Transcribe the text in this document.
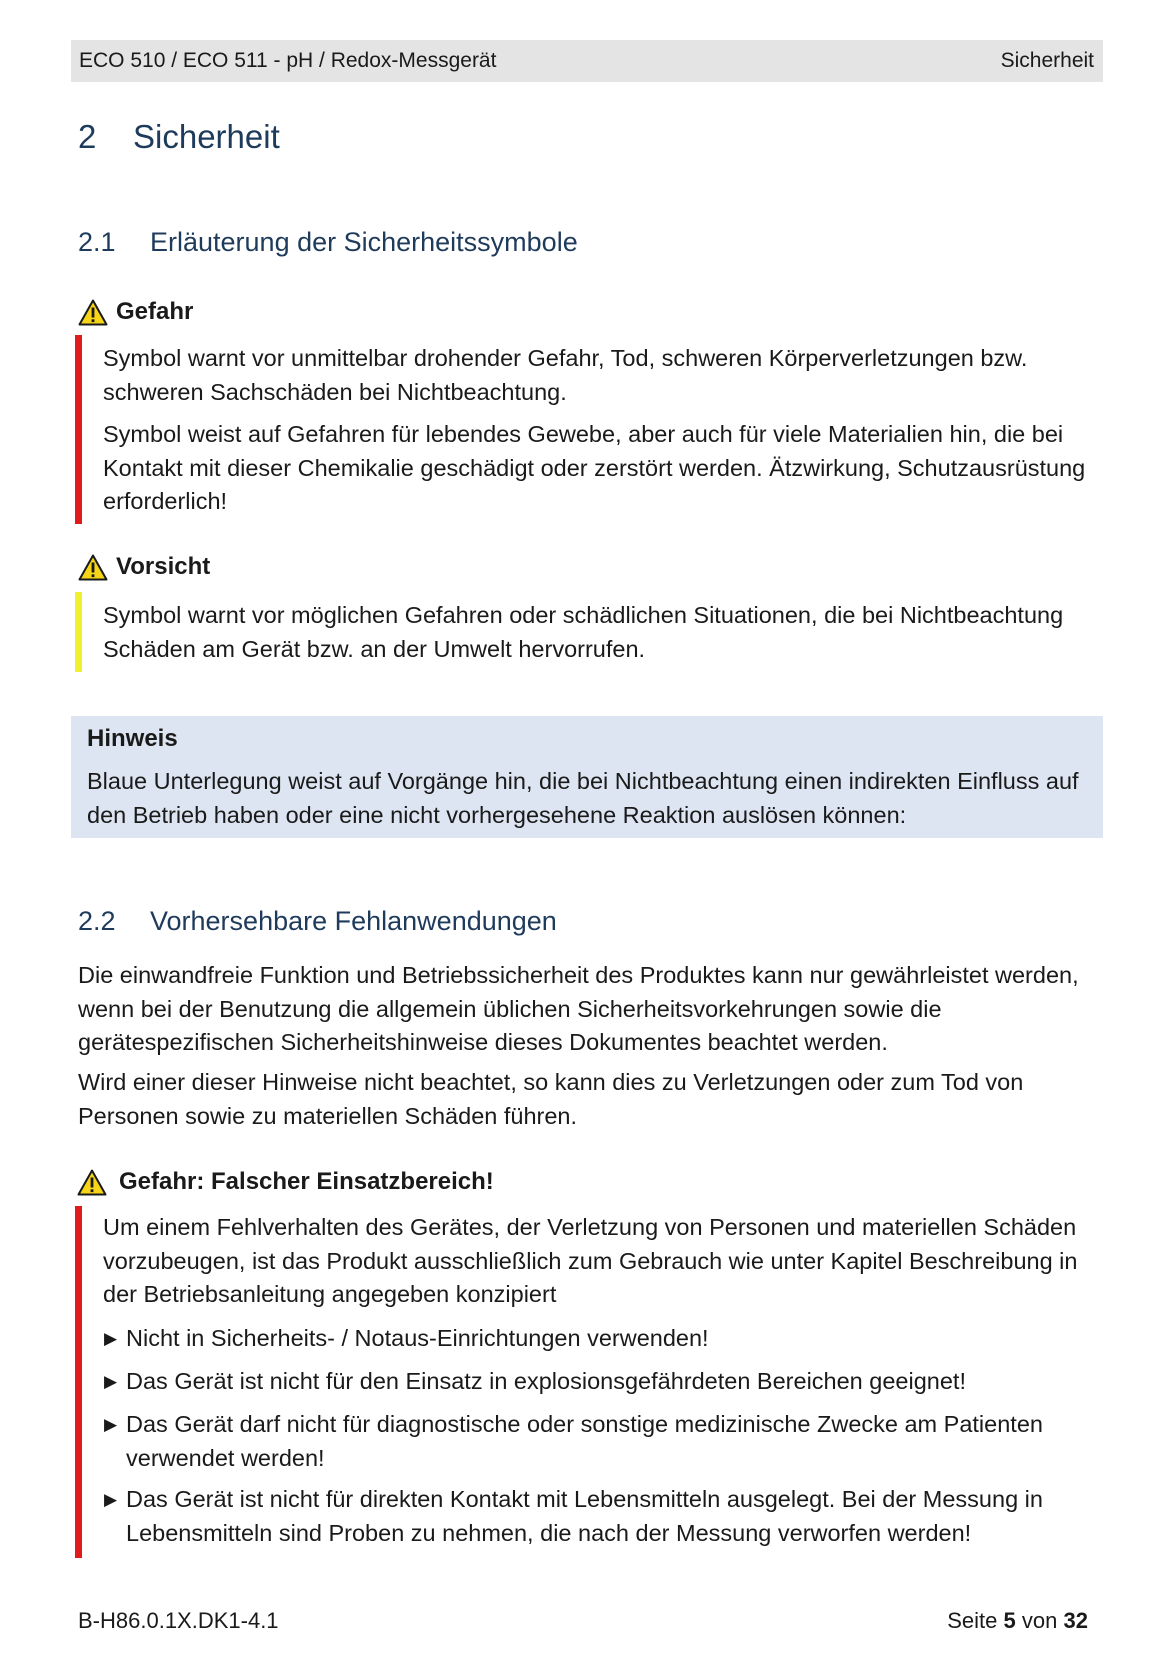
ECO 510 / ECO 511 - pH / Redox-Messgerät	Sicherheit
2	Sicherheit
2.1	Erläuterung der Sicherheitssymbole
Gefahr

Symbol warnt vor unmittelbar drohender Gefahr, Tod, schweren Körperverletzungen bzw. schweren Sachschäden bei Nichtbeachtung.

Symbol weist auf Gefahren für lebendes Gewebe, aber auch für viele Materialien hin, die bei Kontakt mit dieser Chemikalie geschädigt oder zerstört werden. Ätzwirkung, Schutzausrüstung erforderlich!

Vorsicht

Symbol warnt vor möglichen Gefahren oder schädlichen Situationen, die bei Nichtbeachtung Schäden am Gerät bzw. an der Umwelt hervorrufen.

Hinweis

Blaue Unterlegung weist auf Vorgänge hin, die bei Nichtbeachtung einen indirekten Einfluss auf den Betrieb haben oder eine nicht vorhergesehene Reaktion auslösen können:

2.2	Vorhersehbare Fehlanwendungen

Die einwandfreie Funktion und Betriebssicherheit des Produktes kann nur gewährleistet werden, wenn bei der Benutzung die allgemein üblichen Sicherheitsvorkehrungen sowie die gerätespezifischen Sicherheitshinweise dieses Dokumentes beachtet werden.

Wird einer dieser Hinweise nicht beachtet, so kann dies zu Verletzungen oder zum Tod von Personen sowie zu materiellen Schäden führen.

Gefahr: Falscher Einsatzbereich!

Um einem Fehlverhalten des Gerätes, der Verletzung von Personen und materiellen Schäden vorzubeugen, ist das Produkt ausschließlich zum Gebrauch wie unter Kapitel Beschreibung in der Betriebsanleitung angegeben konzipiert

▶ Nicht in Sicherheits- / Notaus-Einrichtungen verwenden!
▶ Das Gerät ist nicht für den Einsatz in explosionsgefährdeten Bereichen geeignet!
▶ Das Gerät darf nicht für diagnostische oder sonstige medizinische Zwecke am Patienten verwendet werden!
▶ Das Gerät ist nicht für direkten Kontakt mit Lebensmitteln ausgelegt. Bei der Messung in Lebensmitteln sind Proben zu nehmen, die nach der Messung verworfen werden!
B-H86.0.1X.DK1-4.1	Seite 5 von 32
